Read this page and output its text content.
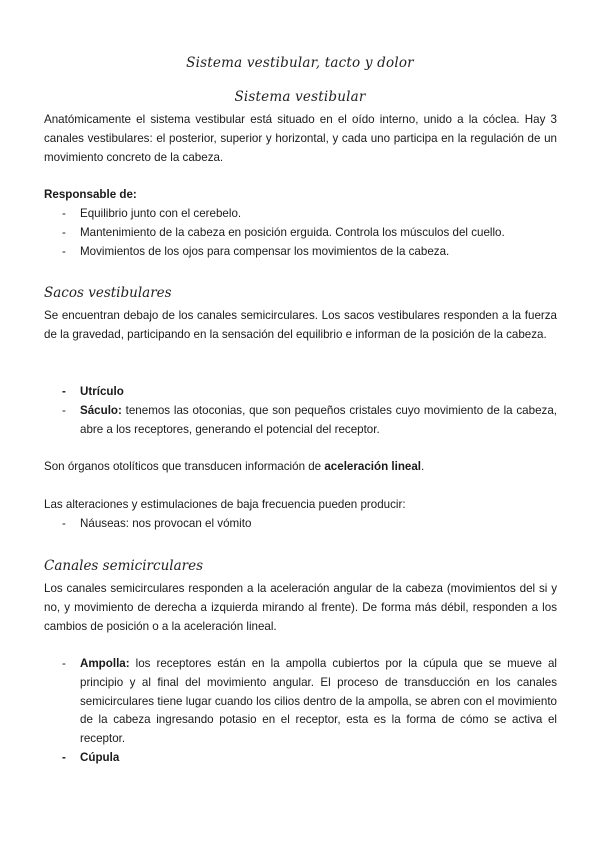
Sistema vestibular, tacto y dolor
Sistema vestibular

Anatómicamente el sistema vestibular está situado en el oído interno, unido a la cóclea. Hay 3 canales vestibulares: el posterior, superior y horizontal, y cada uno participa en la regulación de un movimiento concreto de la cabeza.

Responsable de:
- Equilibrio junto con el cerebelo.
- Mantenimiento de la cabeza en posición erguida. Controla los músculos del cuello.
- Movimientos de los ojos para compensar los movimientos de la cabeza.
Sacos vestibulares

Se encuentran debajo de los canales semicirculares. Los sacos vestibulares responden a la fuerza de la gravedad, participando en la sensación del equilibrio e informan de la posición de la cabeza.

- Utrículo
- Sáculo: tenemos las otoconias, que son pequeños cristales cuyo movimiento de la cabeza, abre a los receptores, generando el potencial del receptor.

Son órganos otolíticos que transducen información de aceleración lineal.

Las alteraciones y estimulaciones de baja frecuencia pueden producir:

- Náuseas: nos provocan el vómito
Canales semicirculares

Los canales semicirculares responden a la aceleración angular de la cabeza (movimientos del si y no, y movimiento de derecha a izquierda mirando al frente). De forma más débil, responden a los cambios de posición o a la aceleración lineal.

- Ampolla: los receptores están en la ampolla cubiertos por la cúpula que se mueve al principio y al final del movimiento angular. El proceso de transducción en los canales semicirculares tiene lugar cuando los cilios dentro de la ampolla, se abren con el movimiento de la cabeza ingresando potasio en el receptor, esta es la forma de cómo se activa el receptor.
- Cúpula
